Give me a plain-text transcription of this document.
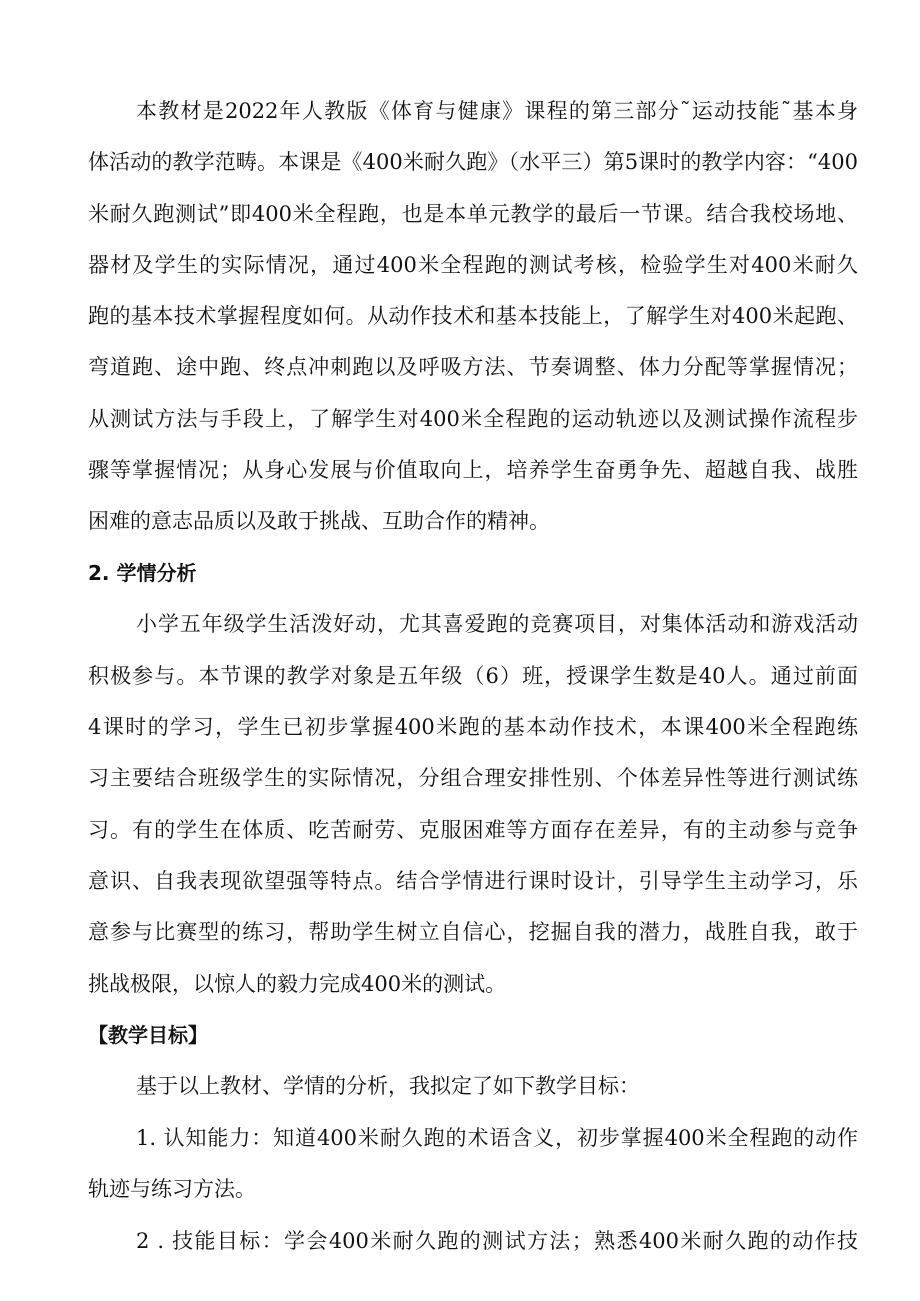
本教材是2022年人教版《体育与健康》课程的第三部分˜运动技能˜基本身
体活动的教学范畴。本课是《400米耐久跑》（水平三）第5课时的教学内容：“400
米耐久跑测试”即400米全程跑，也是本单元教学的最后一节课。结合我校场地、
器材及学生的实际情况，通过400米全程跑的测试考核，检验学生对400米耐久
跑的基本技术掌握程度如何。从动作技术和基本技能上，了解学生对400米起跑、
弯道跑、途中跑、终点冲刺跑以及呼吸方法、节奏调整、体力分配等掌握情况；
从测试方法与手段上，了解学生对400米全程跑的运动轨迹以及测试操作流程步
骤等掌握情况；从身心发展与价值取向上，培养学生奋勇争先、超越自我、战胜
困难的意志品质以及敢于挑战、互助合作的精神。
2. 学情分析
小学五年级学生活泼好动，尤其喜爱跑的竞赛项目，对集体活动和游戏活动
积极参与。本节课的教学对象是五年级（6）班，授课学生数是40人。通过前面
4课时的学习，学生已初步掌握400米跑的基本动作技术，本课400米全程跑练
习主要结合班级学生的实际情况，分组合理安排性别、个体差异性等进行测试练
习。有的学生在体质、吃苦耐劳、克服困难等方面存在差异，有的主动参与竞争
意识、自我表现欲望强等特点。结合学情进行课时设计，引导学生主动学习，乐
意参与比赛型的练习，帮助学生树立自信心，挖掘自我的潜力，战胜自我，敢于
挑战极限，以惊人的毅力完成400米的测试。
【教学目标】
基于以上教材、学情的分析，我拟定了如下教学目标：
1. 认知能力：知道400米耐久跑的术语含义，初步掌握400米全程跑的动作
轨迹与练习方法。
2 . 技能目标：学会400米耐久跑的测试方法；熟悉400米耐久跑的动作技
